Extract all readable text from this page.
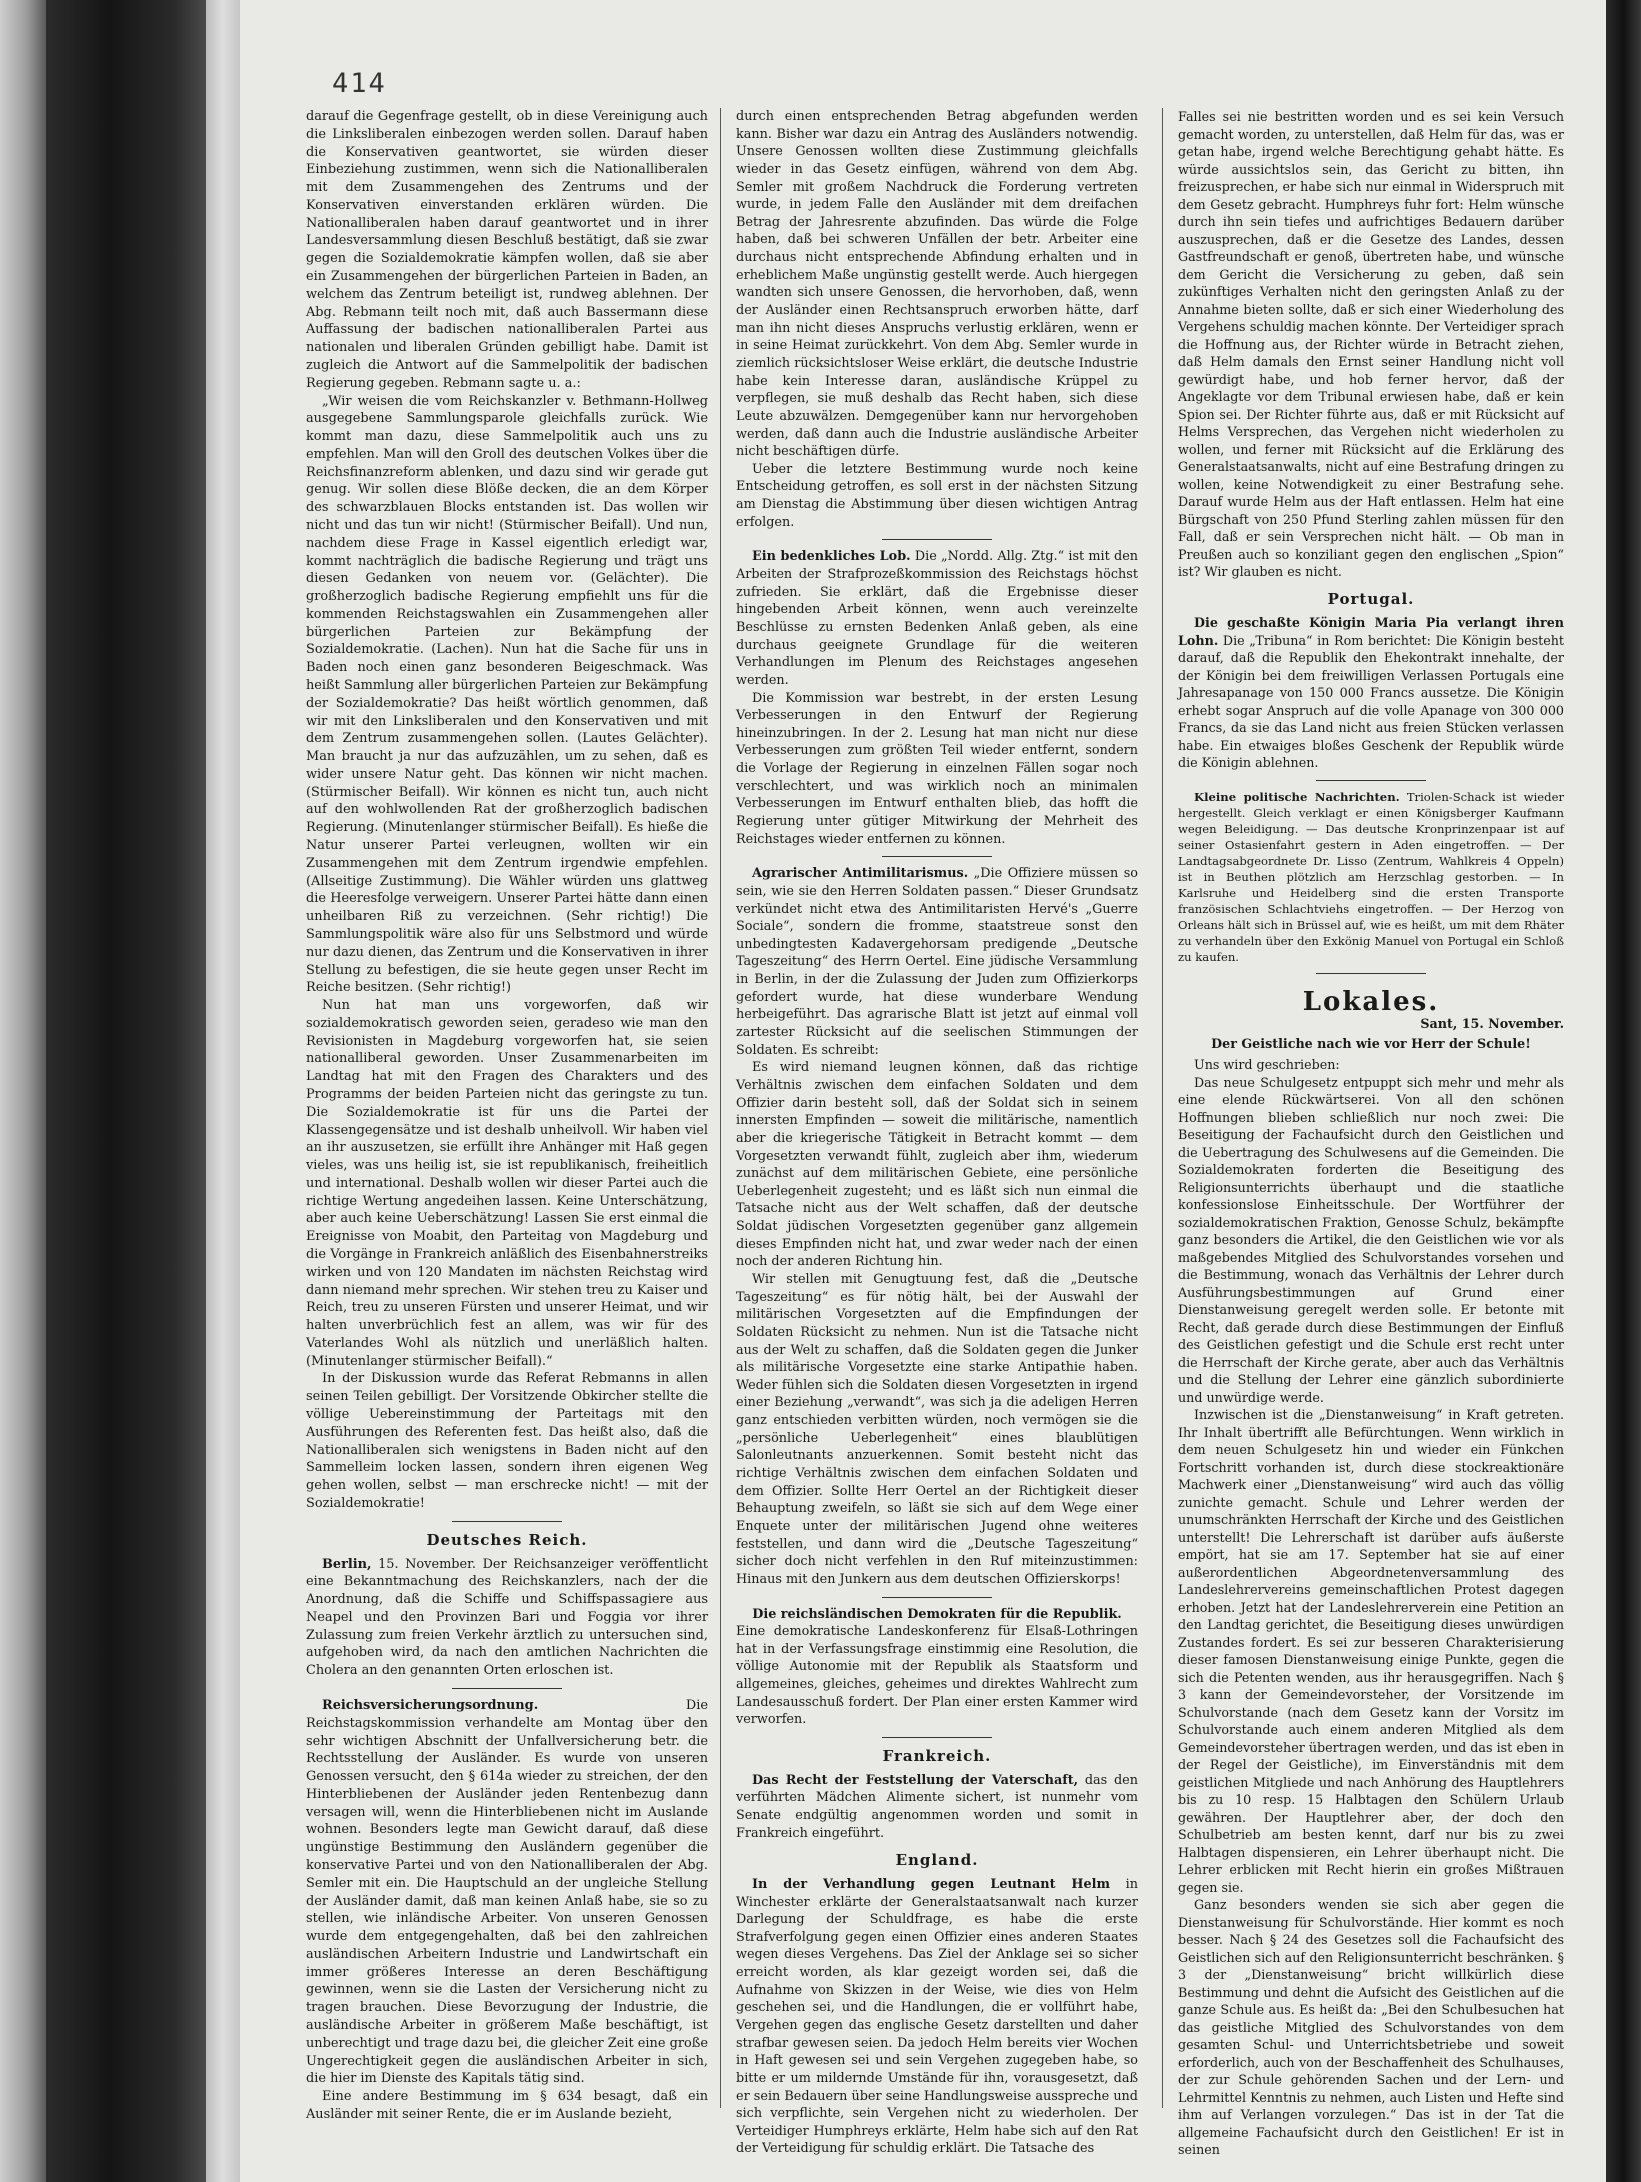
414

darauf die Gegenfrage gestellt, ob in diese Vereinigung auch die Linksliberalen einbezogen werden sollen. Darauf haben die Konservativen geantwortet, sie würden dieser Einbeziehung zustimmen, wenn sich die Nationalliberalen mit dem Zusammengehen des Zentrums und der Konservativen einverstanden erklären würden. Die Nationalliberalen haben darauf geantwortet und in ihrer Landesversammlung diesen Beschluß bestätigt, daß sie zwar gegen die Sozialdemokratie kämpfen wollen, daß sie aber ein Zusammengehen der bürgerlichen Parteien in Baden, an welchem das Zentrum beteiligt ist, rundweg ablehnen. Der Abg. Rebmann teilt noch mit, daß auch Bassermann diese Auffassung der badischen nationalliberalen Partei aus nationalen und liberalen Gründen gebilligt habe. Damit ist zugleich die Antwort auf die Sammelpolitik der badischen Regierung gegeben. Rebmann sagte u. a.:

„Wir weisen die vom Reichskanzler v. Bethmann-Hollweg ausgegebene Sammlungsparole gleichfalls zurück. Wie kommt man dazu, diese Sammelpolitik auch uns zu empfehlen. Man will den Groll des deutschen Volkes über die Reichsfinanzreform ablenken, und dazu sind wir gerade gut genug. Wir sollen diese Blöße decken, die an dem Körper des schwarzblauen Blocks entstanden ist. Das wollen wir nicht und das tun wir nicht! (Stürmischer Beifall). Und nun, nachdem diese Frage in Kassel eigentlich erledigt war, kommt nachträglich die badische Regierung und trägt uns diesen Gedanken von neuem vor. (Gelächter). Die großherzoglich badische Regierung empfiehlt uns für die kommenden Reichstagswahlen ein Zusammengehen aller bürgerlichen Parteien zur Bekämpfung der Sozialdemokratie. (Lachen). Nun hat die Sache für uns in Baden noch einen ganz besonderen Beigeschmack. Was heißt Sammlung aller bürgerlichen Parteien zur Bekämpfung der Sozialdemokratie? Das heißt wörtlich genommen, daß wir mit den Linksliberalen und den Konservativen und mit dem Zentrum zusammengehen sollen. (Lautes Gelächter). Man braucht ja nur das aufzuzählen, um zu sehen, daß es wider unsere Natur geht. Das können wir nicht machen. (Stürmischer Beifall). Wir können es nicht tun, auch nicht auf den wohlwollenden Rat der großherzoglich badischen Regierung. (Minutenlanger stürmischer Beifall). Es hieße die Natur unserer Partei verleugnen, wollten wir ein Zusammengehen mit dem Zentrum irgendwie empfehlen. (Allseitige Zustimmung). Die Wähler würden uns glattweg die Heeresfolge verweigern. Unserer Partei hätte dann einen unheilbaren Riß zu verzeichnen. (Sehr richtig!) Die Sammlungspolitik wäre also für uns Selbstmord und würde nur dazu dienen, das Zentrum und die Konservativen in ihrer Stellung zu befestigen, die sie heute gegen unser Recht im Reiche besitzen. (Sehr richtig!)

Nun hat man uns vorgeworfen, daß wir sozialdemokratisch geworden seien, geradeso wie man den Revisionisten in Magdeburg vorgeworfen hat, sie seien nationalliberal geworden. Unser Zusammenarbeiten im Landtag hat mit den Fragen des Charakters und des Programms der beiden Parteien nicht das geringste zu tun. Die Sozialdemokratie ist für uns die Partei der Klassengegensätze und ist deshalb unheilvoll. Wir haben viel an ihr auszusetzen, sie erfüllt ihre Anhänger mit Haß gegen vieles, was uns heilig ist, sie ist republikanisch, freiheitlich und international. Deshalb wollen wir dieser Partei auch die richtige Wertung angedeihen lassen. Keine Unterschätzung, aber auch keine Ueberschätzung! Lassen Sie erst einmal die Ereignisse von Moabit, den Parteitag von Magdeburg und die Vorgänge in Frankreich anläßlich des Eisenbahnerstreiks wirken und von 120 Mandaten im nächsten Reichstag wird dann niemand mehr sprechen. Wir stehen treu zu Kaiser und Reich, treu zu unseren Fürsten und unserer Heimat, und wir halten unverbrüchlich fest an allem, was wir für des Vaterlandes Wohl als nützlich und unerläßlich halten. (Minutenlanger stürmischer Beifall).“

In der Diskussion wurde das Referat Rebmanns in allen seinen Teilen gebilligt. Der Vorsitzende Obkircher stellte die völlige Uebereinstimmung der Parteitags mit den Ausführungen des Referenten fest. Das heißt also, daß die Nationalliberalen sich wenigstens in Baden nicht auf den Sammelleim locken lassen, sondern ihren eigenen Weg gehen wollen, selbst — man erschrecke nicht! — mit der Sozialdemokratie!

Deutsches Reich.

Berlin, 15. November. Der Reichsanzeiger veröffentlicht eine Bekanntmachung des Reichskanzlers, nach der die Anordnung, daß die Schiffe und Schiffspassagiere aus Neapel und den Provinzen Bari und Foggia vor ihrer Zulassung zum freien Verkehr ärztlich zu untersuchen sind, aufgehoben wird, da nach den amtlichen Nachrichten die Cholera an den genannten Orten erloschen ist.

Reichsversicherungsordnung.	Die Reichstagskommission verhandelte am Montag über den sehr wichtigen Abschnitt der Unfallversicherung betr. die Rechtsstellung der Ausländer. Es wurde von unseren Genossen versucht, den § 614a wieder zu streichen, der den Hinterbliebenen der Ausländer jeden Rentenbezug dann versagen will, wenn die Hinterbliebenen nicht im Auslande wohnen. Besonders legte man Gewicht darauf, daß diese ungünstige Bestimmung den Ausländern gegenüber die konservative Partei und von den Nationalliberalen der Abg. Semler mit ein. Die Hauptschuld an der ungleiche Stellung der Ausländer damit, daß man keinen Anlaß habe, sie so zu stellen, wie inländische Arbeiter. Von unseren Genossen wurde dem entgegengehalten, daß bei den zahlreichen ausländischen Arbeitern Industrie und Landwirtschaft ein immer größeres Interesse an deren Beschäftigung gewinnen, wenn sie die Lasten der Versicherung nicht zu tragen brauchen. Diese Bevorzugung der Industrie, die ausländische Arbeiter in größerem Maße beschäftigt, ist unberechtigt und trage dazu bei, die gleicher Zeit eine große Ungerechtigkeit gegen die ausländischen Arbeiter in sich, die hier im Dienste des Kapitals tätig sind.

Eine andere Bestimmung im § 634 besagt, daß ein Ausländer mit seiner Rente, die er im Auslande bezieht,

durch einen entsprechenden Betrag abgefunden werden kann. Bisher war dazu ein Antrag des Ausländers notwendig. Unsere Genossen wollten diese Zustimmung gleichfalls wieder in das Gesetz einfügen, während von dem Abg. Semler mit großem Nachdruck die Forderung vertreten wurde, in jedem Falle den Ausländer mit dem dreifachen Betrag der Jahresrente abzufinden. Das würde die Folge haben, daß bei schweren Unfällen der betr. Arbeiter eine durchaus nicht entsprechende Abfindung erhalten und in erheblichem Maße ungünstig gestellt werde. Auch hiergegen wandten sich unsere Genossen, die hervorhoben, daß, wenn der Ausländer einen Rechtsanspruch erworben hätte, darf man ihn nicht dieses Anspruchs verlustig erklären, wenn er in seine Heimat zurückkehrt. Von dem Abg. Semler wurde in ziemlich rücksichtsloser Weise erklärt, die deutsche Industrie habe kein Interesse daran, ausländische Krüppel zu verpflegen, sie muß deshalb das Recht haben, sich diese Leute abzuwälzen. Demgegenüber kann nur hervorgehoben werden, daß dann auch die Industrie ausländische Arbeiter nicht beschäftigen dürfe.

Ueber die letztere Bestimmung wurde noch keine Entscheidung getroffen, es soll erst in der nächsten Sitzung am Dienstag die Abstimmung über diesen wichtigen Antrag erfolgen.

Ein bedenkliches Lob. Die „Nordd. Allg. Ztg.“ ist mit den Arbeiten der Strafprozeßkommission des Reichstags höchst zufrieden. Sie erklärt, daß die Ergebnisse dieser hingebenden Arbeit können, wenn auch vereinzelte Beschlüsse zu ernsten Bedenken Anlaß geben, als eine durchaus geeignete Grundlage für die weiteren Verhandlungen im Plenum des Reichstages angesehen werden.

Die Kommission war bestrebt, in der ersten Lesung Verbesserungen in den Entwurf der Regierung hineinzubringen. In der 2. Lesung hat man nicht nur diese Verbesserungen zum größten Teil wieder entfernt, sondern die Vorlage der Regierung in einzelnen Fällen sogar noch verschlechtert, und was wirklich noch an minimalen Verbesserungen im Entwurf enthalten blieb, das hofft die Regierung unter gütiger Mitwirkung der Mehrheit des Reichstages wieder entfernen zu können.

Agrarischer Antimilitarismus. „Die Offiziere müssen so sein, wie sie den Herren Soldaten passen.“ Dieser Grundsatz verkündet nicht etwa des Antimilitaristen Hervé's „Guerre Sociale“, sondern die fromme, staatstreue sonst den unbedingtesten Kadavergehorsam predigende „Deutsche Tageszeitung“ des Herrn Oertel. Eine jüdische Versammlung in Berlin, in der die Zulassung der Juden zum Offizierkorps gefordert wurde, hat diese wunderbare Wendung herbeigeführt. Das agrarische Blatt ist jetzt auf einmal voll zartester Rücksicht auf die seelischen Stimmungen der Soldaten. Es schreibt:

Es wird niemand leugnen können, daß das richtige Verhältnis zwischen dem einfachen Soldaten und dem Offizier darin besteht soll, daß der Soldat sich in seinem innersten Empfinden — soweit die militärische, namentlich aber die kriegerische Tätigkeit in Betracht kommt — dem Vorgesetzten verwandt fühlt, zugleich aber ihm, wiederum zunächst auf dem militärischen Gebiete, eine persönliche Ueberlegenheit zugesteht; und es läßt sich nun einmal die Tatsache nicht aus der Welt schaffen, daß der deutsche Soldat jüdischen Vorgesetzten gegenüber ganz allgemein dieses Empfinden nicht hat, und zwar weder nach der einen noch der anderen Richtung hin.

Wir stellen mit Genugtuung fest, daß die „Deutsche Tageszeitung“ es für nötig hält, bei der Auswahl der militärischen Vorgesetzten auf die Empfindungen der Soldaten Rücksicht zu nehmen. Nun ist die Tatsache nicht aus der Welt zu schaffen, daß die Soldaten gegen die Junker als militärische Vorgesetzte eine starke Antipathie haben. Weder fühlen sich die Soldaten diesen Vorgesetzten in irgend einer Beziehung „verwandt“, was sich ja die adeligen Herren ganz entschieden verbitten würden, noch vermögen sie die „persönliche Ueberlegenheit“ eines blaublütigen Salonleutnants anzuerkennen. Somit besteht nicht das richtige Verhältnis zwischen dem einfachen Soldaten und dem Offizier. Sollte Herr Oertel an der Richtigkeit dieser Behauptung zweifeln, so läßt sie sich auf dem Wege einer Enquete unter der militärischen Jugend ohne weiteres feststellen, und dann wird die „Deutsche Tageszeitung“ sicher doch nicht verfehlen in den Ruf miteinzustimmen: Hinaus mit den Junkern aus dem deutschen Offizierskorps!

Die reichsländischen Demokraten für die Republik.

Eine demokratische Landeskonferenz für Elsaß-Lothringen hat in der Verfassungsfrage einstimmig eine Resolution, die völlige Autonomie mit der Republik als Staatsform und allgemeines, gleiches, geheimes und direktes Wahlrecht zum Landesausschuß fordert. Der Plan einer ersten Kammer wird verworfen.

Frankreich.

Das Recht der Feststellung der Vaterschaft, das den verführten Mädchen Alimente sichert, ist nunmehr vom Senate endgültig angenommen worden und somit in Frankreich eingeführt.

England.

In der Verhandlung gegen Leutnant Helm in Winchester erklärte der Generalstaatsanwalt nach kurzer Darlegung der Schuldfrage, es habe die erste Strafverfolgung gegen einen Offizier eines anderen Staates wegen dieses Vergehens. Das Ziel der Anklage sei so sicher erreicht worden, als klar gezeigt worden sei, daß die Aufnahme von Skizzen in der Weise, wie dies von Helm geschehen sei, und die Handlungen, die er vollführt habe, Vergehen gegen das englische Gesetz darstellten und daher strafbar gewesen seien. Da jedoch Helm bereits vier Wochen in Haft gewesen sei und sein Vergehen zugegeben habe, so bitte er um mildernde Umstände für ihn, vorausgesetzt, daß er sein Bedauern über seine Handlungsweise ausspreche und sich verpflichte, sein Vergehen nicht zu wiederholen. Der Verteidiger Humphreys erklärte, Helm habe sich auf den Rat der Verteidigung für schuldig erklärt. Die Tatsache des

Falles sei nie bestritten worden und es sei kein Versuch gemacht worden, zu unterstellen, daß Helm für das, was er getan habe, irgend welche Berechtigung gehabt hätte. Es würde aussichtslos sein, das Gericht zu bitten, ihn freizusprechen, er habe sich nur einmal in Widerspruch mit dem Gesetz gebracht. Humphreys fuhr fort: Helm wünsche durch ihn sein tiefes und aufrichtiges Bedauern darüber auszusprechen, daß er die Gesetze des Landes, dessen Gastfreundschaft er genoß, übertreten habe, und wünsche dem Gericht die Versicherung zu geben, daß sein zukünftiges Verhalten nicht den geringsten Anlaß zu der Annahme bieten sollte, daß er sich einer Wiederholung des Vergehens schuldig machen könnte. Der Verteidiger sprach die Hoffnung aus, der Richter würde in Betracht ziehen, daß Helm damals den Ernst seiner Handlung nicht voll gewürdigt habe, und hob ferner hervor, daß der Angeklagte vor dem Tribunal erwiesen habe, daß er kein Spion sei. Der Richter führte aus, daß er mit Rücksicht auf Helms Versprechen, das Vergehen nicht wiederholen zu wollen, und ferner mit Rücksicht auf die Erklärung des Generalstaatsanwalts, nicht auf eine Bestrafung dringen zu wollen, keine Notwendigkeit zu einer Bestrafung sehe. Darauf wurde Helm aus der Haft entlassen. Helm hat eine Bürgschaft von 250 Pfund Sterling zahlen müssen für den Fall, daß er sein Versprechen nicht hält. — Ob man in Preußen auch so konziliant gegen den englischen „Spion“ ist? Wir glauben es nicht.

Portugal.

Die geschaßte Königin Maria Pia verlangt ihren Lohn. Die „Tribuna“ in Rom berichtet: Die Königin besteht darauf, daß die Republik den Ehekontrakt innehalte, der der Königin bei dem freiwilligen Verlassen Portugals eine Jahresapanage von 150 000 Francs aussetze. Die Königin erhebt sogar Anspruch auf die volle Apanage von 300 000 Francs, da sie das Land nicht aus freien Stücken verlassen habe. Ein etwaiges bloßes Geschenk der Republik würde die Königin ablehnen.

Kleine politische Nachrichten. Triolen-Schack ist wieder hergestellt. Gleich verklagt er einen Königsberger Kaufmann wegen Beleidigung. — Das deutsche Kronprinzenpaar ist auf seiner Ostasienfahrt gestern in Aden eingetroffen. — Der Landtagsabgeordnete Dr. Lisso (Zentrum, Wahlkreis 4 Oppeln) ist in Beuthen plötzlich am Herzschlag gestorben. — In Karlsruhe und Heidelberg sind die ersten Transporte französischen Schlachtviehs eingetroffen. — Der Herzog von Orleans hält sich in Brüssel auf, wie es heißt, um mit dem Rhäter zu verhandeln über den Exkönig Manuel von Portugal ein Schloß zu kaufen.

Lokales.

Sant, 15. November.

Der Geistliche nach wie vor Herr der Schule!

Uns wird geschrieben:

Das neue Schulgesetz entpuppt sich mehr und mehr als eine elende Rückwärtserei. Von all den schönen Hoffnungen blieben schließlich nur noch zwei: Die Beseitigung der Fachaufsicht durch den Geistlichen und die Uebertragung des Schulwesens auf die Gemeinden. Die Sozialdemokraten forderten die Beseitigung des Religionsunterrichts überhaupt und die staatliche konfessionslose Einheitsschule. Der Wortführer der sozialdemokratischen Fraktion, Genosse Schulz, bekämpfte ganz besonders die Artikel, die den Geistlichen wie vor als maßgebendes Mitglied des Schulvorstandes vorsehen und die Bestimmung, wonach das Verhältnis der Lehrer durch Ausführungsbestimmungen auf Grund einer Dienstanweisung geregelt werden solle. Er betonte mit Recht, daß gerade durch diese Bestimmungen der Einfluß des Geistlichen gefestigt und die Schule erst recht unter die Herrschaft der Kirche gerate, aber auch das Verhältnis und die Stellung der Lehrer eine gänzlich subordinierte und unwürdige werde.

Inzwischen ist die „Dienstanweisung“ in Kraft getreten. Ihr Inhalt übertrifft alle Befürchtungen. Wenn wirklich in dem neuen Schulgesetz hin und wieder ein Fünkchen Fortschritt vorhanden ist, durch diese stockreaktionäre Machwerk einer „Dienstanweisung“ wird auch das völlig zunichte gemacht. Schule und Lehrer werden der unumschränkten Herrschaft der Kirche und des Geistlichen unterstellt! Die Lehrerschaft ist darüber aufs äußerste empört, hat sie am 17. September hat sie auf einer außerordentlichen Abgeordnetenversammlung des Landeslehrervereins gemeinschaftlichen Protest dagegen erhoben. Jetzt hat der Landeslehrerverein eine Petition an den Landtag gerichtet, die Beseitigung dieses unwürdigen Zustandes fordert. Es sei zur besseren Charakterisierung dieser famosen Dienstanweisung einige Punkte, gegen die sich die Petenten wenden, aus ihr herausgegriffen. Nach § 3 kann der Gemeindevorsteher, der Vorsitzende im Schulvorstande (nach dem Gesetz kann der Vorsitz im Schulvorstande auch einem anderen Mitglied als dem Gemeindevorsteher übertragen werden, und das ist eben in der Regel der Geistliche), im Einverständnis mit dem geistlichen Mitgliede und nach Anhörung des Hauptlehrers bis zu 10 resp. 15 Halbtagen den Schülern Urlaub gewähren. Der Hauptlehrer aber, der doch den Schulbetrieb am besten kennt, darf nur bis zu zwei Halbtagen dispensieren, ein Lehrer überhaupt nicht. Die Lehrer erblicken mit Recht hierin ein großes Mißtrauen gegen sie.

Ganz besonders wenden sie sich aber gegen die Dienstanweisung für Schulvorstände. Hier kommt es noch besser. Nach § 24 des Gesetzes soll die Fachaufsicht des Geistlichen sich auf den Religionsunterricht beschränken. § 3 der „Dienstanweisung“ bricht willkürlich diese Bestimmung und dehnt die Aufsicht des Geistlichen auf die ganze Schule aus. Es heißt da: „Bei den Schulbesuchen hat das geistliche Mitglied des Schulvorstandes von dem gesamten Schul- und Unterrichtsbetriebe und soweit erforderlich, auch von der Beschaffenheit des Schulhauses, der zur Schule gehörenden Sachen und der Lern- und Lehrmittel Kenntnis zu nehmen, auch Listen und Hefte sind ihm auf Verlangen vorzulegen.“ Das ist in der Tat die allgemeine Fachaufsicht durch den Geistlichen! Er ist in seinen
